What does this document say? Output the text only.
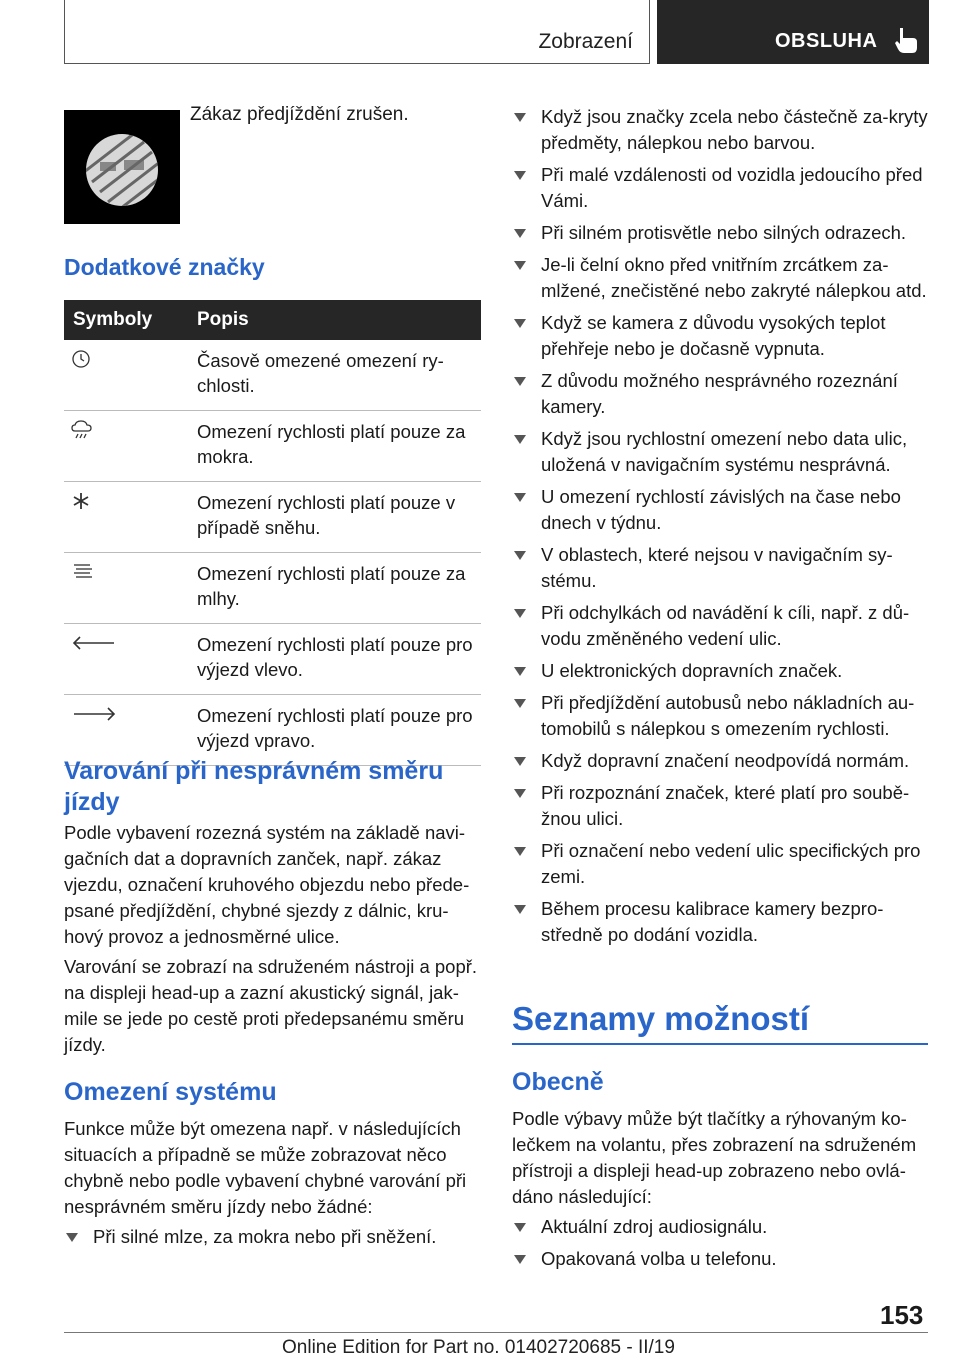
Zobrazení	OBSLUHA
Zákaz předjíždění zrušen.
Dodatkové značky
Symboly	Popis

	Časově omezené omezení ry-chlosti.

	Omezení rychlosti platí pouze za mokra.

	Omezení rychlosti platí pouze v případě sněhu.

	Omezení rychlosti platí pouze za mlhy.

	Omezení rychlosti platí pouze pro výjezd vlevo.

	Omezení rychlosti platí pouze pro výjezd vpravo.
Varování při nesprávném směru jízdy
Podle vybavení rozezná systém na základě navi-gačních dat a dopravních zanček, např. zákaz vjezdu, označení kruhového objezdu nebo přede-psané předjíždění, chybné sjezdy z dálnic, kru-hový provoz a jednosměrné ulice.
Varování se zobrazí na sdruženém nástroji a popř. na displeji head-up a zazní akustický signál, jak-mile se jede po cestě proti předepsanému směru jízdy.
Omezení systému
Funkce může být omezena např. v následujících situacích a případně se může zobrazovat něco chybně nebo podle vybavení chybné varování při nesprávném směru jízdy nebo žádné:
Při silné mlze, za mokra nebo při sněžení.
Když jsou značky zcela nebo částečně za-kryty předměty, nálepkou nebo barvou.
Při malé vzdálenosti od vozidla jedoucího před Vámi.
Při silném protisvětle nebo silných odrazech.
Je-li čelní okno před vnitřním zrcátkem za-mlžené, znečistěné nebo zakryté nálepkou atd.
Když se kamera z důvodu vysokých teplot přehřeje nebo je dočasně vypnuta.
Z důvodu možného nesprávného rozeznání kamery.
Když jsou rychlostní omezení nebo data ulic, uložená v navigačním systému nesprávná.
U omezení rychlostí závislých na čase nebo dnech v týdnu.
V oblastech, které nejsou v navigačním sy-stému.
Při odchylkách od navádění k cíli, např. z dů-vodu změněného vedení ulic.
U elektronických dopravních značek.
Při předjíždění autobusů nebo nákladních au-tomobilů s nálepkou s omezením rychlosti.
Když dopravní značení neodpovídá normám.
Při rozpoznání značek, které platí pro soubě-žnou ulici.
Při označení nebo vedení ulic specifických pro zemi.
Během procesu kalibrace kamery bezpro-středně po dodání vozidla.
Seznamy možností
Obecně
Podle výbavy může být tlačítky a rýhovaným ko-lečkem na volantu, přes zobrazení na sdruženém přístroji a displeji head-up zobrazeno nebo ovlá-dáno následující:
Aktuální zdroj audiosignálu.
Opakovaná volba u telefonu.
153
Online Edition for Part no. 01402720685 - II/19
